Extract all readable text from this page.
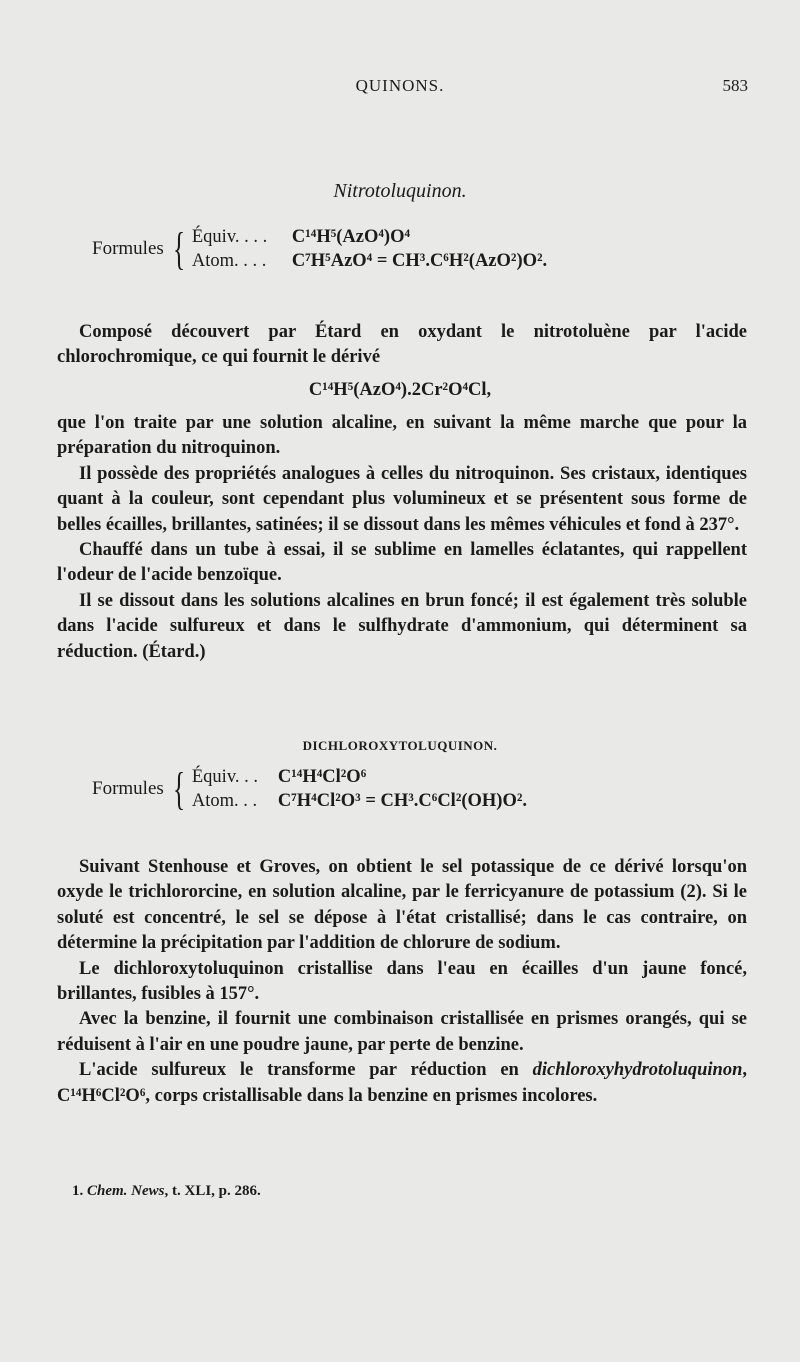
QUINONS.	583
Nitrotoluquinon.
Formules { Équiv. . . .	C¹⁴H⁵(AzO⁴)O⁴
Atom. . . .	C⁷H⁵AzO⁴ = CH³.C⁶H²(AzO²)O².

Composé découvert par Étard en oxydant le nitrotoluène par l'acide chlorochromique, ce qui fournit le dérivé

C¹⁴H⁵(AzO⁴).2Cr²O⁴Cl,

que l'on traite par une solution alcaline, en suivant la même marche que pour la préparation du nitroquinon.

Il possède des propriétés analogues à celles du nitroquinon. Ses cristaux, identiques quant à la couleur, sont cependant plus volumineux et se présentent sous forme de belles écailles, brillantes, satinées; il se dissout dans les mêmes véhicules et fond à 237°.

Chauffé dans un tube à essai, il se sublime en lamelles éclatantes, qui rappellent l'odeur de l'acide benzoïque.

Il se dissout dans les solutions alcalines en brun foncé; il est également très soluble dans l'acide sulfureux et dans le sulfhydrate d'ammonium, qui déterminent sa réduction. (Étard.)

DICHLOROXYTOLUQUINON.
Formules { Équiv. . .	C¹⁴H⁴Cl²O⁶
Atom. . .	C⁷H⁴Cl²O³ = CH³.C⁶Cl²(OH)O².

Suivant Stenhouse et Groves, on obtient le sel potassique de ce dérivé lorsqu'on oxyde le trichlororcine, en solution alcaline, par le ferricyanure de potassium (2). Si le soluté est concentré, le sel se dépose à l'état cristallisé; dans le cas contraire, on détermine la précipitation par l'addition de chlorure de sodium.

Le dichloroxytoluquinon cristallise dans l'eau en écailles d'un jaune foncé, brillantes, fusibles à 157°.

Avec la benzine, il fournit une combinaison cristallisée en prismes orangés, qui se réduisent à l'air en une poudre jaune, par perte de benzine.

L'acide sulfureux le transforme par réduction en dichloroxyhydrotoluquinon, C¹⁴H⁶Cl²O⁶, corps cristallisable dans la benzine en prismes incolores.

1. Chem. News, t. XLI, p. 286.
